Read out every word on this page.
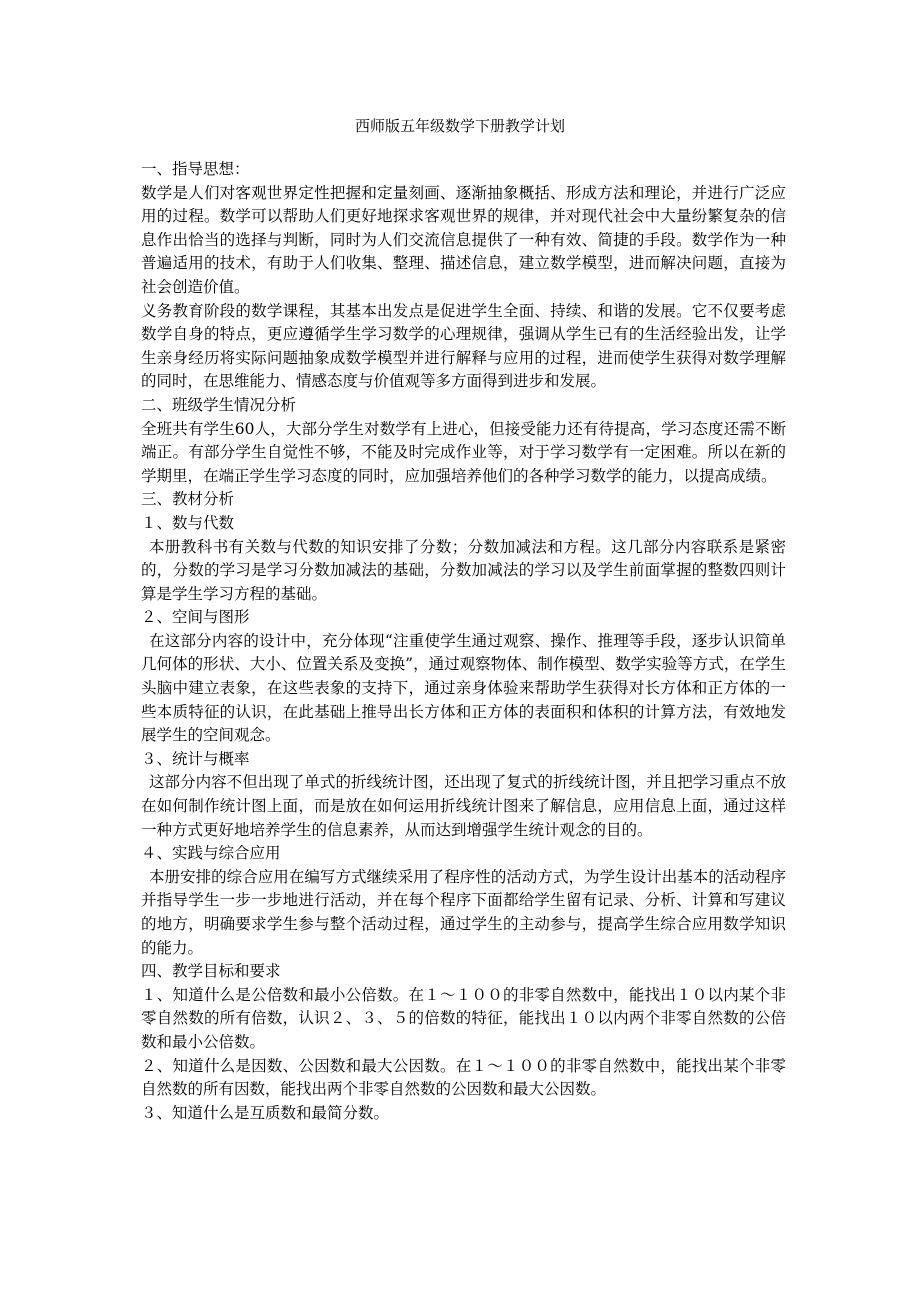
西师版五年级数学下册教学计划

一、指导思想：

数学是人们对客观世界定性把握和定量刻画、逐渐抽象概括、形成方法和理论，并进行广泛应用的过程。数学可以帮助人们更好地探求客观世界的规律，并对现代社会中大量纷繁复杂的信息作出恰当的选择与判断，同时为人们交流信息提供了一种有效、简捷的手段。数学作为一种普遍适用的技术，有助于人们收集、整理、描述信息，建立数学模型，进而解决问题，直接为社会创造价值。

义务教育阶段的数学课程，其基本出发点是促进学生全面、持续、和谐的发展。它不仅要考虑数学自身的特点，更应遵循学生学习数学的心理规律，强调从学生已有的生活经验出发，让学生亲身经历将实际问题抽象成数学模型并进行解释与应用的过程，进而使学生获得对数学理解的同时，在思维能力、情感态度与价值观等多方面得到进步和发展。

二、班级学生情况分析

全班共有学生60人，大部分学生对数学有上进心，但接受能力还有待提高，学习态度还需不断端正。有部分学生自觉性不够，不能及时完成作业等，对于学习数学有一定困难。所以在新的学期里，在端正学生学习态度的同时，应加强培养他们的各种学习数学的能力，以提高成绩。

三、教材分析

１、数与代数

本册教科书有关数与代数的知识安排了分数；分数加减法和方程。这几部分内容联系是紧密的，分数的学习是学习分数加减法的基础，分数加减法的学习以及学生前面掌握的整数四则计算是学生学习方程的基础。

２、空间与图形

在这部分内容的设计中，充分体现“注重使学生通过观察、操作、推理等手段，逐步认识简单几何体的形状、大小、位置关系及变换”，通过观察物体、制作模型、数学实验等方式，在学生头脑中建立表象，在这些表象的支持下，通过亲身体验来帮助学生获得对长方体和正方体的一些本质特征的认识，在此基础上推导出长方体和正方体的表面积和体积的计算方法，有效地发展学生的空间观念。

３、统计与概率

这部分内容不但出现了单式的折线统计图，还出现了复式的折线统计图，并且把学习重点不放在如何制作统计图上面，而是放在如何运用折线统计图来了解信息，应用信息上面，通过这样一种方式更好地培养学生的信息素养，从而达到增强学生统计观念的目的。

４、实践与综合应用

本册安排的综合应用在编写方式继续采用了程序性的活动方式，为学生设计出基本的活动程序并指导学生一步一步地进行活动，并在每个程序下面都给学生留有记录、分析、计算和写建议的地方，明确要求学生参与整个活动过程，通过学生的主动参与，提高学生综合应用数学知识的能力。

四、教学目标和要求

１、知道什么是公倍数和最小公倍数。在１～１００的非零自然数中，能找出１０以内某个非零自然数的所有倍数，认识２、３、５的倍数的特征，能找出１０以内两个非零自然数的公倍数和最小公倍数。

２、知道什么是因数、公因数和最大公因数。在１～１００的非零自然数中，能找出某个非零自然数的所有因数，能找出两个非零自然数的公因数和最大公因数。

３、知道什么是互质数和最简分数。
